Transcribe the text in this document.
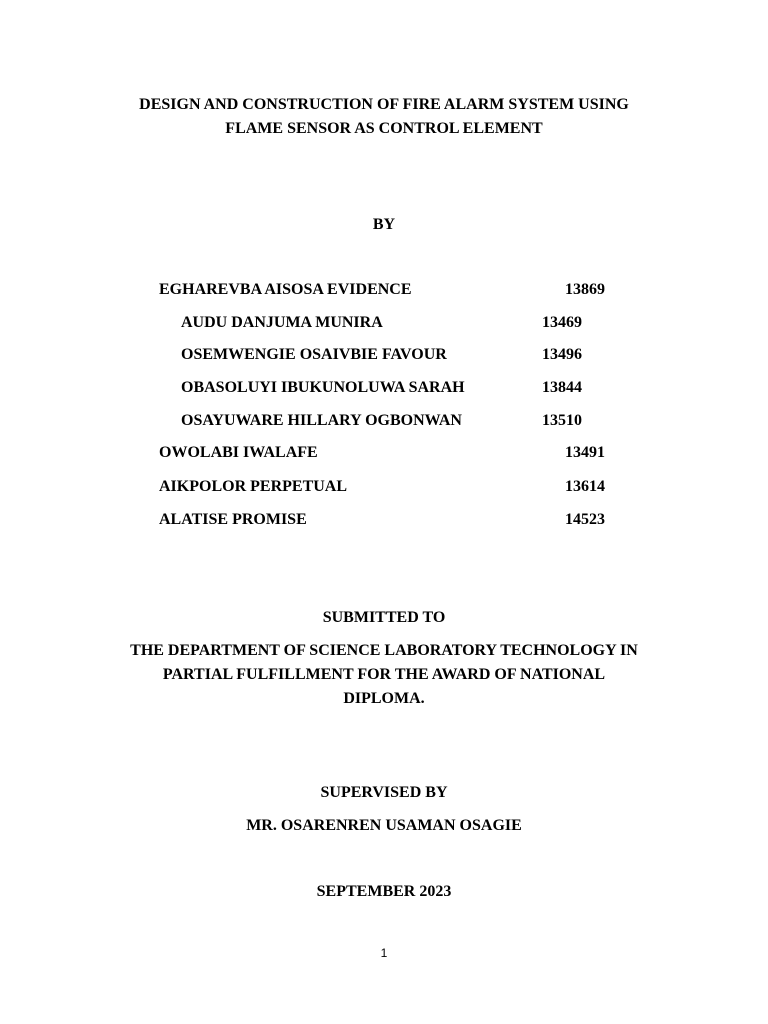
DESIGN AND CONSTRUCTION OF FIRE ALARM SYSTEM USING
FLAME SENSOR AS CONTROL ELEMENT
BY
EGHAREVBA AISOSA EVIDENCE	13869
AUDU DANJUMA MUNIRA	13469
OSEMWENGIE OSAIVBIE FAVOUR	13496
OBASOLUYI IBUKUNOLUWA SARAH	13844
OSAYUWARE HILLARY OGBONWAN	13510
OWOLABI IWALAFE	13491
AIKPOLOR PERPETUAL	13614
ALATISE PROMISE	14523
SUBMITTED TO
THE DEPARTMENT OF SCIENCE LABORATORY TECHNOLOGY IN
PARTIAL FULFILLMENT FOR THE AWARD OF NATIONAL
DIPLOMA.
SUPERVISED BY
MR. OSARENREN USAMAN OSAGIE
SEPTEMBER 2023
1
